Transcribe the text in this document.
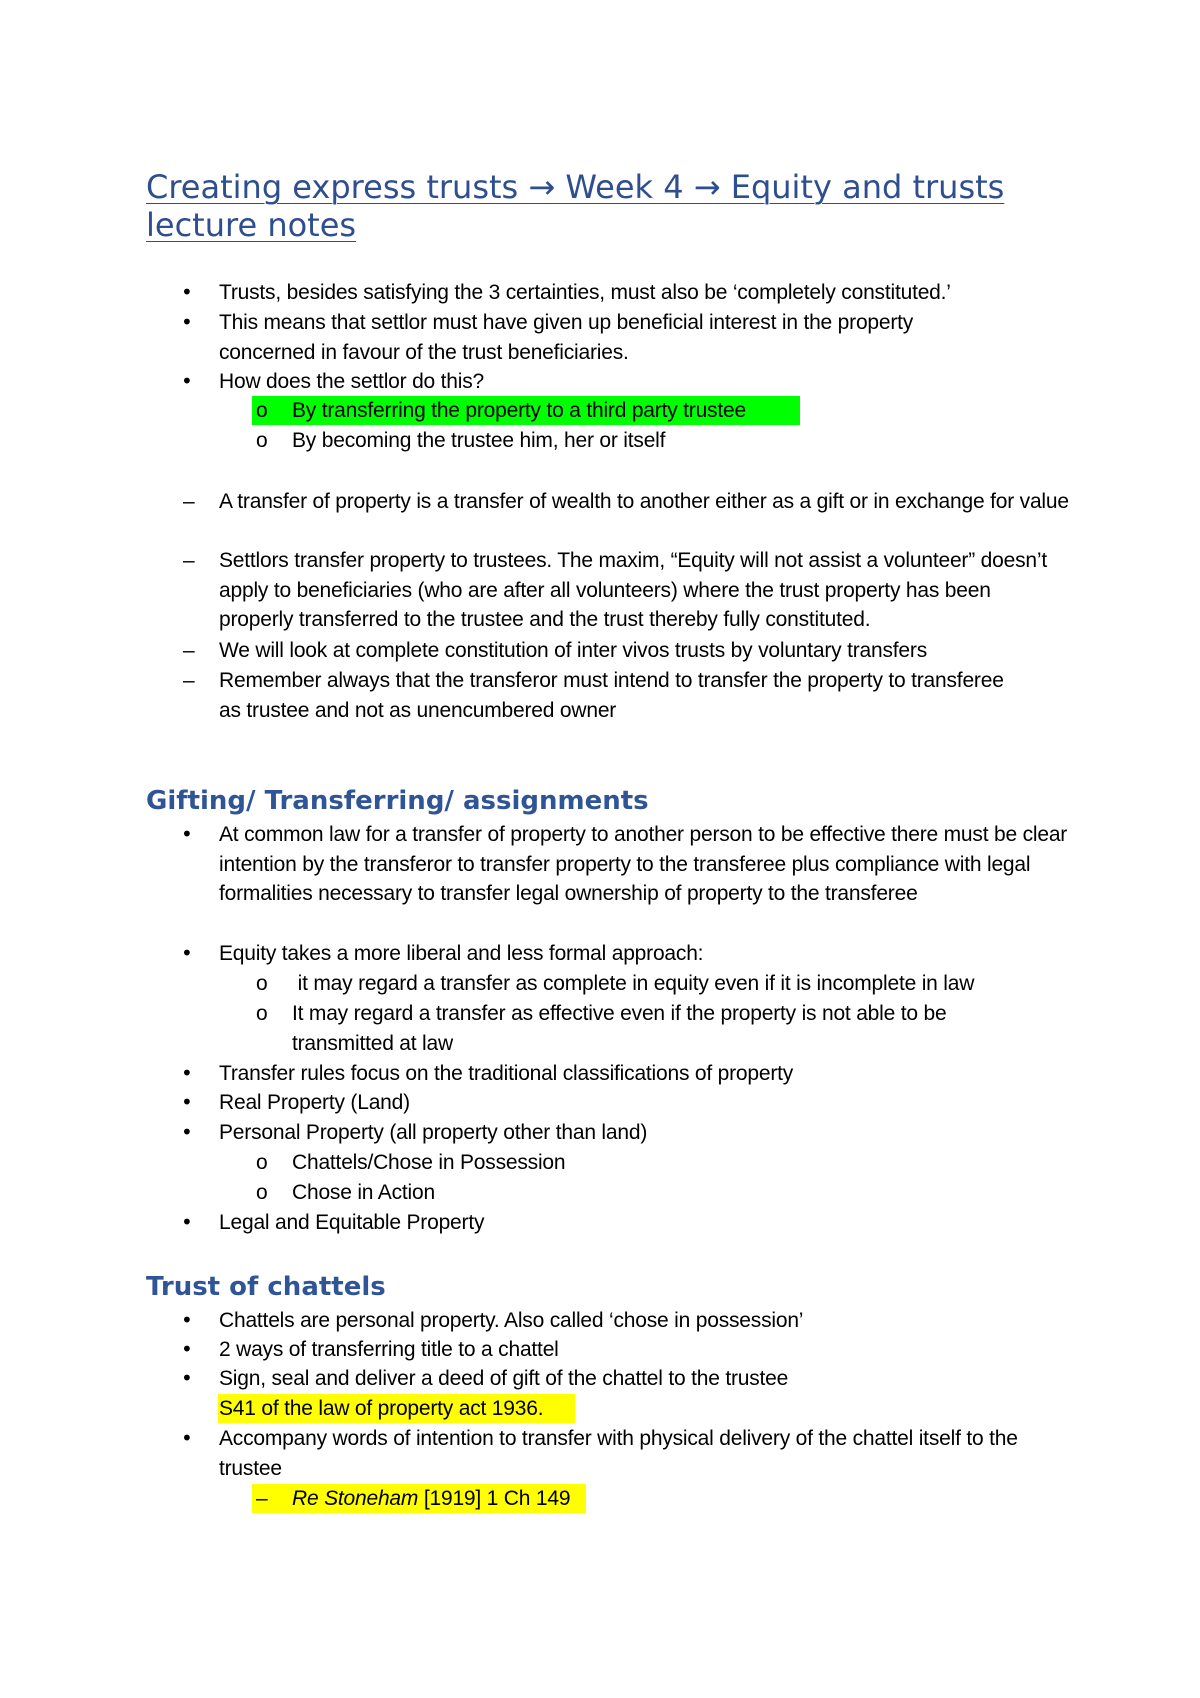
Creating express trusts → Week 4 → Equity and trusts lecture notes
• Trusts, besides satisfying the 3 certainties, must also be ‘completely constituted.’
• This means that settlor must have given up beneficial interest in the property concerned in favour of the trust beneficiaries.
• How does the settlor do this?
o By transferring the property to a third party trustee
o By becoming the trustee him, her or itself
– A transfer of property is a transfer of wealth to another either as a gift or in exchange for value
– Settlors transfer property to trustees. The maxim, “Equity will not assist a volunteer” doesn’t apply to beneficiaries (who are after all volunteers) where the trust property has been properly transferred to the trustee and the trust thereby fully constituted.
– We will look at complete constitution of inter vivos trusts by voluntary transfers
– Remember always that the transferor must intend to transfer the property to transferee as trustee and not as unencumbered owner
Gifting/ Transferring/ assignments
• At common law for a transfer of property to another person to be effective there must be clear intention by the transferor to transfer property to the transferee plus compliance with legal formalities necessary to transfer legal ownership of property to the transferee
• Equity takes a more liberal and less formal approach:
o it may regard a transfer as complete in equity even if it is incomplete in law
o It may regard a transfer as effective even if the property is not able to be transmitted at law
• Transfer rules focus on the traditional classifications of property
• Real Property (Land)
• Personal Property (all property other than land)
o Chattels/Chose in Possession
o Chose in Action
• Legal and Equitable Property
Trust of chattels
• Chattels are personal property. Also called ‘chose in possession’
• 2 ways of transferring title to a chattel
• Sign, seal and deliver a deed of gift of the chattel to the trustee
S41 of the law of property act 1936.
• Accompany words of intention to transfer with physical delivery of the chattel itself to the trustee
– Re Stoneham [1919] 1 Ch 149
